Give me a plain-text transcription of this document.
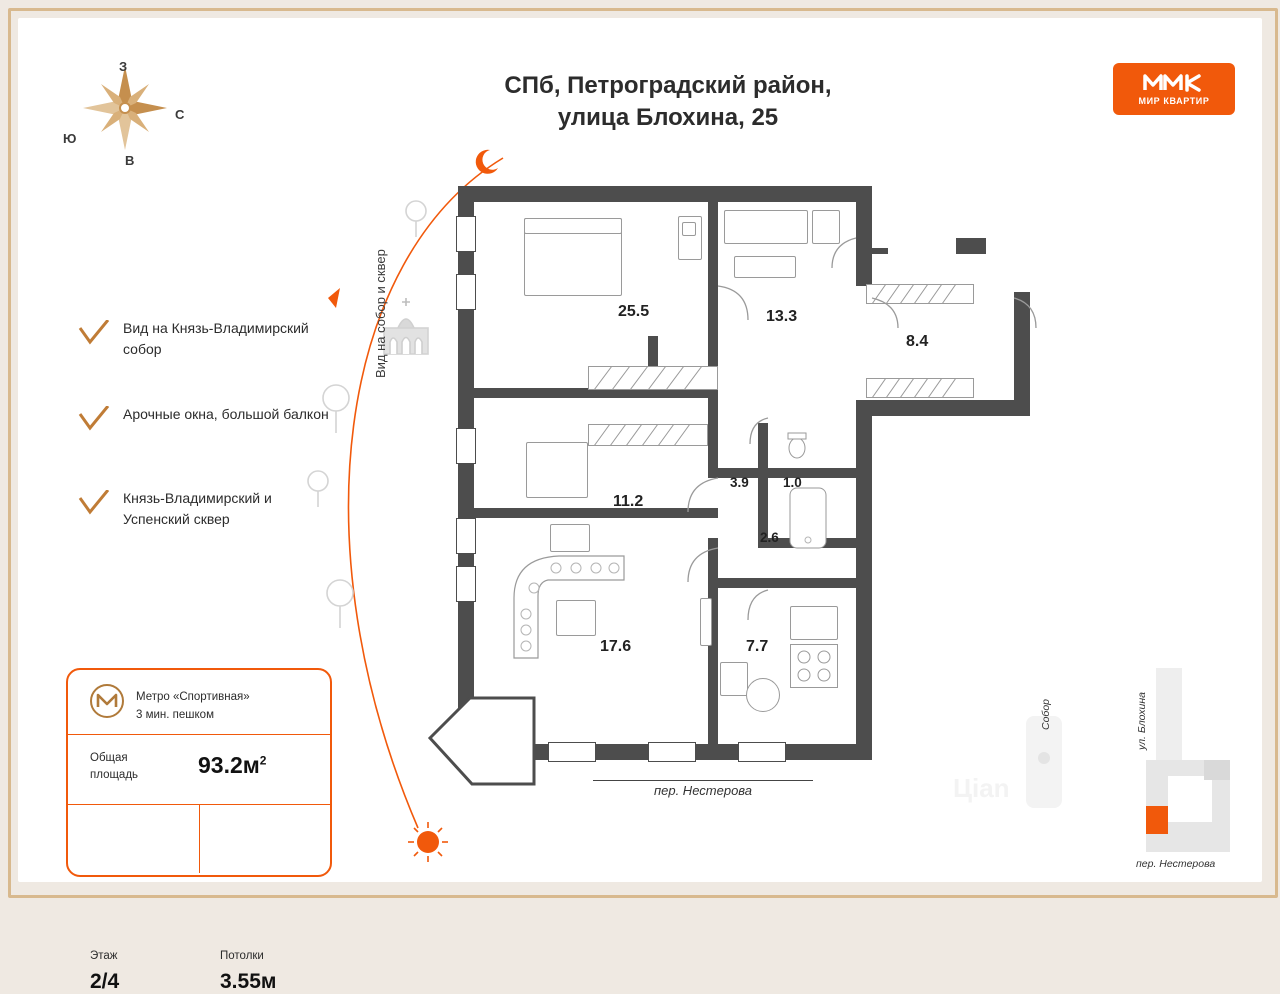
СПб, Петроградский район,
улица Блохина, 25
МИР КВАРТИР
З
С
Ю
В
Вид на Князь-Владимирский собор
Арочные окна, большой балкон
Князь-Владимирский и Успенский сквер
Метро «Спортивная»
3 мин. пешком
Общая
площадь	$93.2м^2$
Этаж
2/4
Потолки
3.55м
Вид на собор и сквер	25.5	13.3
8.4
11.2
3.9	1.0
2.6
17.6	7.7
пер. Нестерова
Собор	ул. Блохина
пер. Нестерова
Цian
